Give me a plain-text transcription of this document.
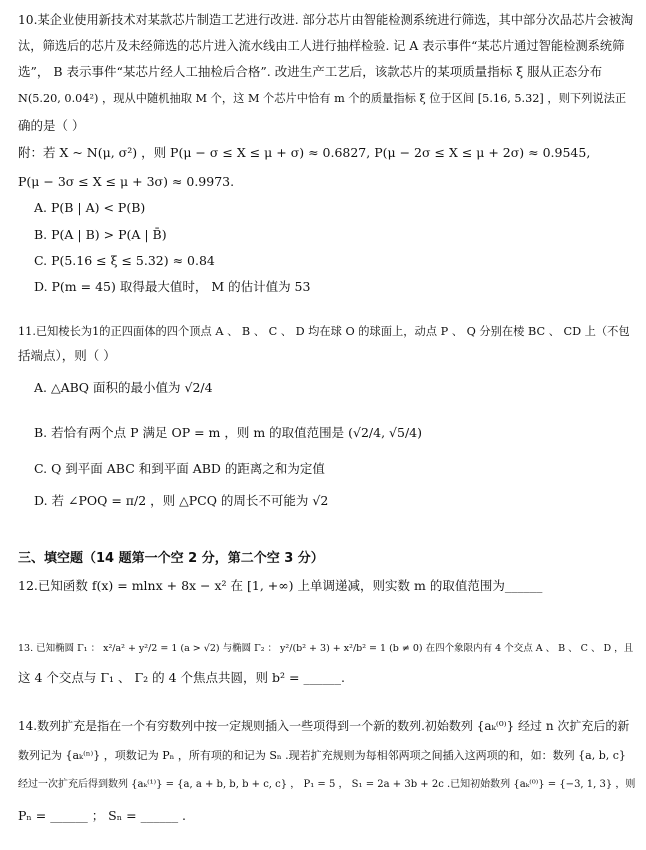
10.某企业使用新技术对某款芯片制造工艺进行改进. 部分芯片由智能检测系统进行筛选，其中部分次品芯片会被淘
汰，筛选后的芯片及未经筛选的芯片进入流水线由工人进行抽样检验. 记 A 表示事件“某芯片通过智能检测系统筛
选”， B 表示事件“某芯片经人工抽检后合格”. 改进生产工艺后，该款芯片的某项质量指标 ξ 服从正态分布
N(5.20, 0.04²) ，现从中随机抽取 M 个，这 M 个芯片中恰有 m 个的质量指标 ξ 位于区间 [5.16, 5.32] ，则下列说法正
确的是（ ）
附：若 X ~ N(μ, σ²) ，则 P(μ − σ ≤ X ≤ μ + σ) ≈ 0.6827, P(μ − 2σ ≤ X ≤ μ + 2σ) ≈ 0.9545,
P(μ − 3σ ≤ X ≤ μ + 3σ) ≈ 0.9973.
A. P(B | A) < P(B)
B. P(A | B) > P(A | B̄)
C. P(5.16 ≤ ξ ≤ 5.32) ≈ 0.84
D. P(m = 45) 取得最大值时， M 的估计值为 53
11.已知棱长为1的正四面体的四个顶点 A 、 B 、 C 、 D 均在球 O 的球面上，动点 P 、 Q 分别在棱 BC 、 CD 上（不包
括端点），则（ ）
A. △ABQ 面积的最小值为 √2/4
B. 若恰有两个点 P 满足 OP = m ，则 m 的取值范围是 (√2/4, √5/4)
C. Q 到平面 ABC 和到平面 ABD 的距离之和为定值
D. 若 ∠POQ = π/2 ，则 △PCQ 的周长不可能为 √2
三、填空题（14 题第一个空 2 分，第二个空 3 分）
12.已知函数 f(x) = mlnx + 8x − x² 在 [1, +∞) 上单调递减，则实数 m 的取值范围为______
13. 已知椭圆 Γ₁ ： x²/a² + y²/2 = 1 (a > √2) 与椭圆 Γ₂ ： y²/(b² + 3) + x²/b² = 1 (b ≠ 0) 在四个象限内有 4 个交点 A 、 B 、 C 、 D ，且
这 4 个交点与 Γ₁ 、 Γ₂ 的 4 个焦点共圆，则 b² = ______.
14.数列扩充是指在一个有穷数列中按一定规则插入一些项得到一个新的数列.初始数列 {aₖ⁽⁰⁾} 经过 n 次扩充后的新
数列记为 {aₖ⁽ⁿ⁾} ，项数记为 Pₙ ，所有项的和记为 Sₙ .现若扩充规则为每相邻两项之间插入这两项的和，如：数列 {a, b, c}
经过一次扩充后得到数列 {aₖ⁽¹⁾} = {a, a + b, b, b + c, c} ， P₁ = 5 ， S₁ = 2a + 3b + 2c .已知初始数列 {aₖ⁽⁰⁾} = {−3, 1, 3} ，则
Pₙ = ______ ； Sₙ = ______ .
